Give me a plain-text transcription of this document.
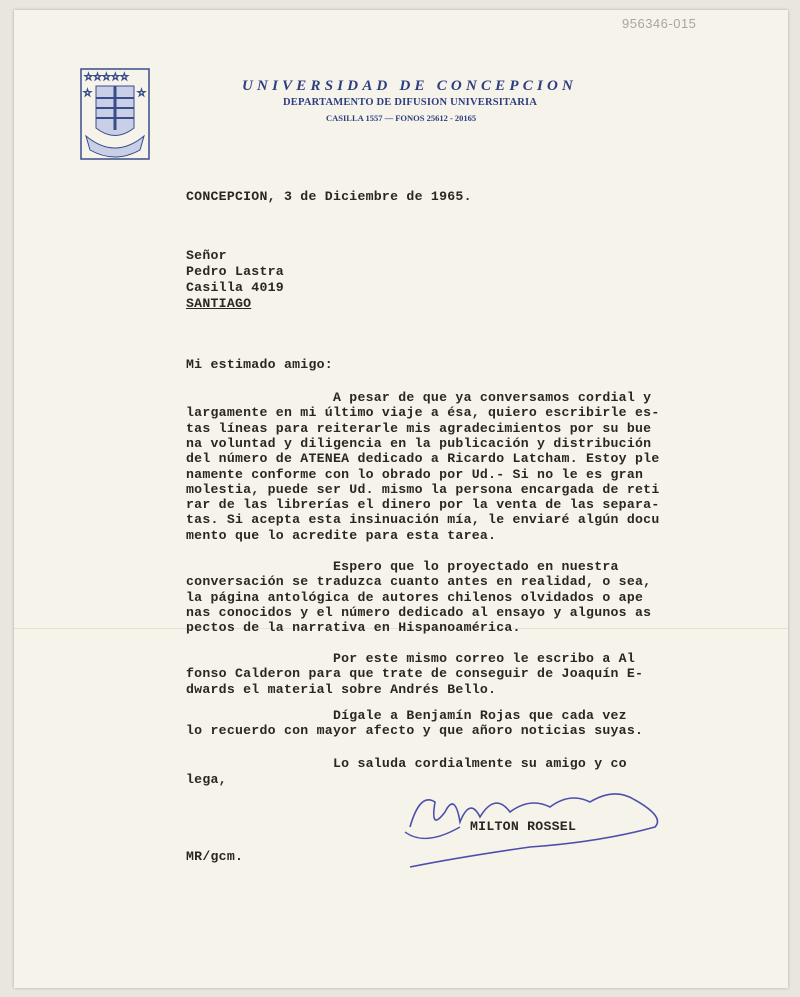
956346-015
☆☆☆☆☆
☆	☆	UNIVERSIDAD DE CONCEPCION
DEPARTAMENTO DE DIFUSION UNIVERSITARIA
CASILLA 1557 — FONOS 25612 - 20165
CONCEPCION, 3 de Diciembre de 1965.

Señor

Pedro Lastra

Casilla 4019

SANTIAGO

Mi estimado amigo:
A pesar de que ya conversamos cordial y
largamente en mi último viaje a ésa, quiero escribirle es-
tas líneas para reiterarle mis agradecimientos por su bue
na voluntad y diligencia en la publicación y distribución
del número de ATENEA dedicado a Ricardo Latcham. Estoy ple
namente conforme con lo obrado por Ud.- Si no le es gran
molestia, puede ser Ud. mismo la persona encargada de reti
rar de las librerías el dinero por la venta de las separa-
tas. Si acepta esta insinuación mía, le enviaré algún docu
mento que lo acredite para esta tarea.
Espero que lo proyectado en nuestra
conversación se traduzca cuanto antes en realidad, o sea,
la página antológica de autores chilenos olvidados o ape
nas conocidos y el número dedicado al ensayo y algunos as
pectos de la narrativa en Hispanoamérica.
Por este mismo correo le escribo a Al
fonso Calderon para que trate de conseguir de Joaquín E-
dwards el material sobre Andrés Bello.
Dígale a Benjamín Rojas que cada vez
lo recuerdo con mayor afecto y que añoro noticias suyas.

Lo saluda cordialmente su amigo y co

lega,

MILTON ROSSEL
MR/gcm.
